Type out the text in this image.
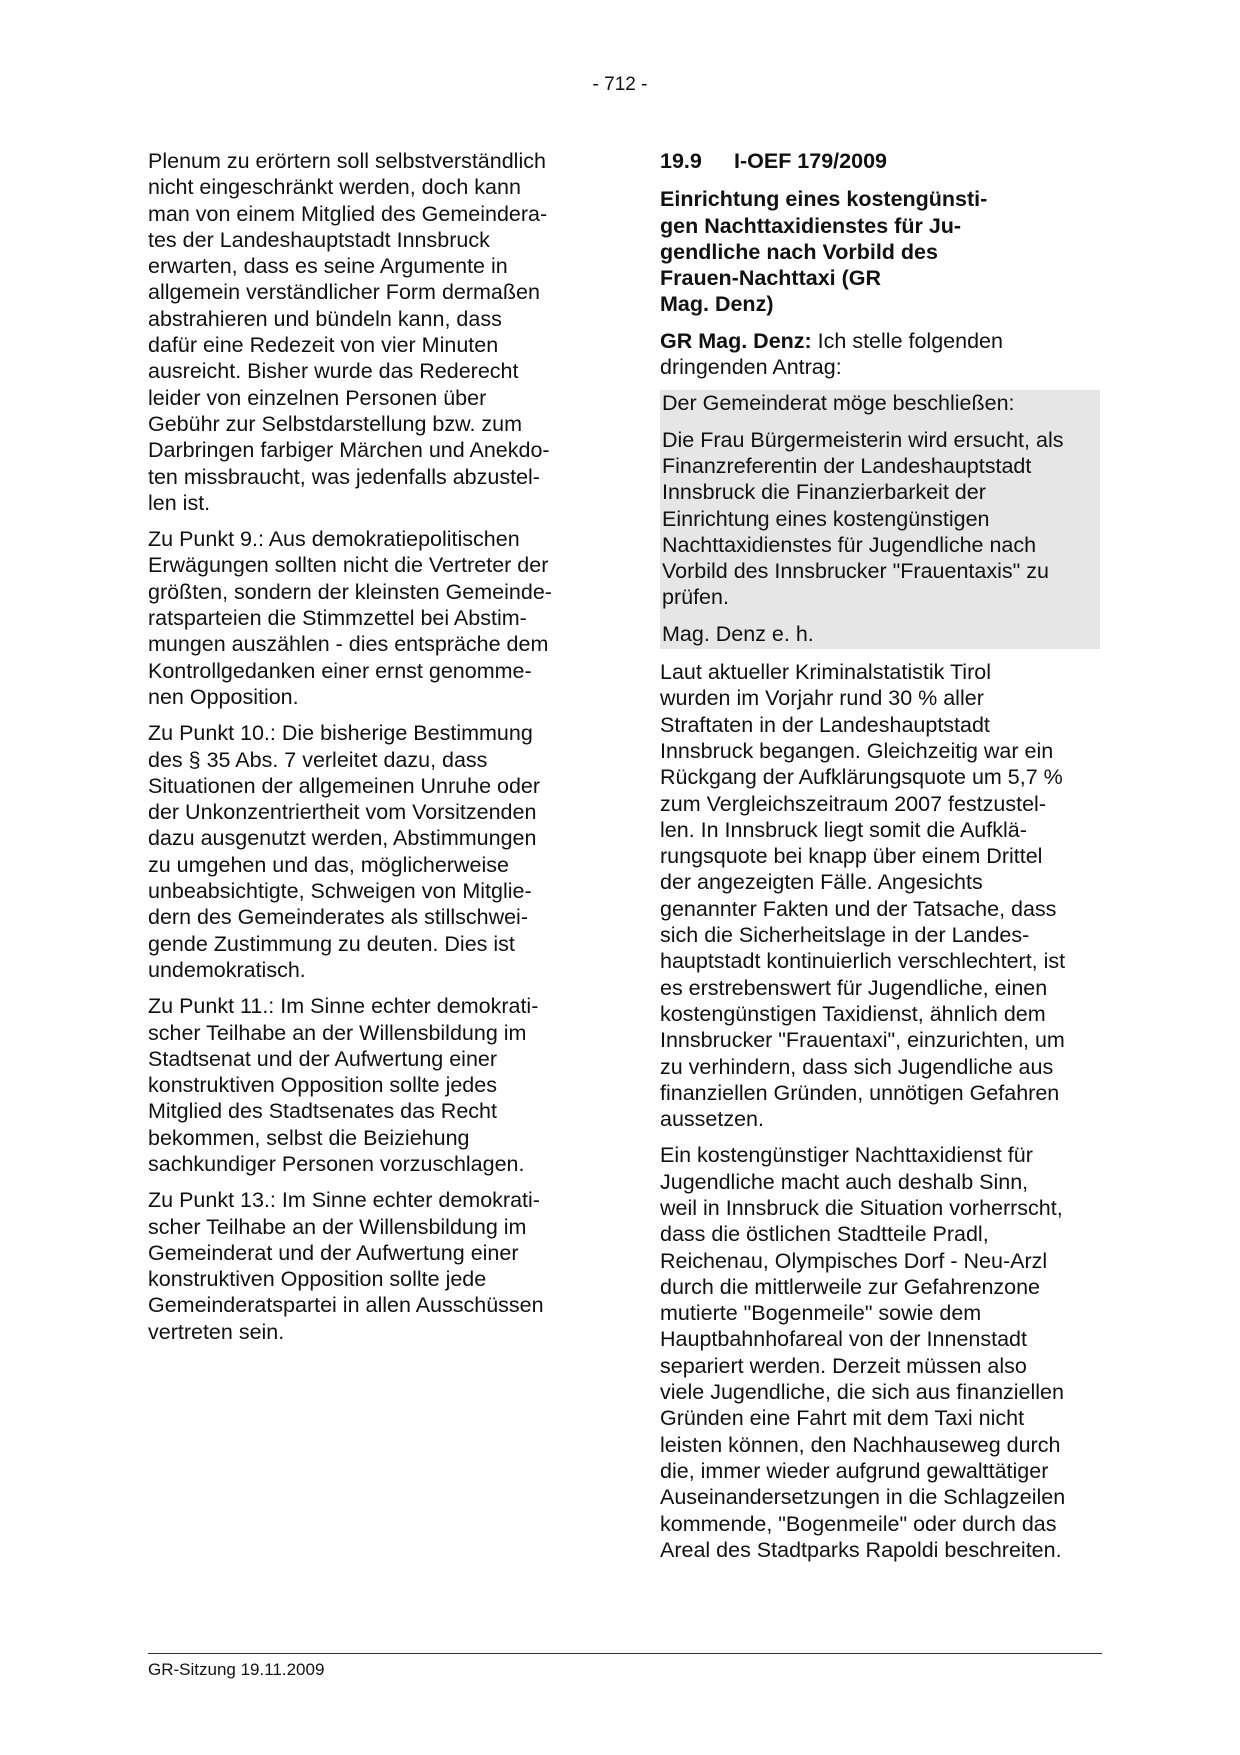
- 712 -

Plenum zu erörtern soll selbstverständlich
nicht eingeschränkt werden, doch kann
man von einem Mitglied des Gemeindera-
tes der Landeshauptstadt Innsbruck
erwarten, dass es seine Argumente in
allgemein verständlicher Form dermaßen
abstrahieren und bündeln kann, dass
dafür eine Redezeit von vier Minuten
ausreicht. Bisher wurde das Rederecht
leider von einzelnen Personen über
Gebühr zur Selbstdarstellung bzw. zum
Darbringen farbiger Märchen und Anekdo-
ten missbraucht, was jedenfalls abzustel-
len ist.

Zu Punkt 9.: Aus demokratiepolitischen
Erwägungen sollten nicht die Vertreter der
größten, sondern der kleinsten Gemeinde-
ratsparteien die Stimmzettel bei Abstim-
mungen auszählen - dies entspräche dem
Kontrollgedanken einer ernst genomme-
nen Opposition.

Zu Punkt 10.: Die bisherige Bestimmung
des § 35 Abs. 7 verleitet dazu, dass
Situationen der allgemeinen Unruhe oder
der Unkonzentriertheit vom Vorsitzenden
dazu ausgenutzt werden, Abstimmungen
zu umgehen und das, möglicherweise
unbeabsichtigte, Schweigen von Mitglie-
dern des Gemeinderates als stillschwei-
gende Zustimmung zu deuten. Dies ist
undemokratisch.

Zu Punkt 11.: Im Sinne echter demokrati-
scher Teilhabe an der Willensbildung im
Stadtsenat und der Aufwertung einer
konstruktiven Opposition sollte jedes
Mitglied des Stadtsenates das Recht
bekommen, selbst die Beiziehung
sachkundiger Personen vorzuschlagen.

Zu Punkt 13.: Im Sinne echter demokrati-
scher Teilhabe an der Willensbildung im
Gemeinderat und der Aufwertung einer
konstruktiven Opposition sollte jede
Gemeinderatspartei in allen Ausschüssen
vertreten sein.

19.9	I-OEF 179/2009

Einrichtung eines kostengünsti-
gen Nachttaxidienstes für Ju-
gendliche nach Vorbild des
Frauen-Nachttaxi (GR
Mag. Denz)

GR Mag. Denz: Ich stelle folgenden
dringenden Antrag:

Der Gemeinderat möge beschließen:

Die Frau Bürgermeisterin wird ersucht, als
Finanzreferentin der Landeshauptstadt
Innsbruck die Finanzierbarkeit der
Einrichtung eines kostengünstigen
Nachttaxidienstes für Jugendliche nach
Vorbild des Innsbrucker "Frauentaxis" zu
prüfen.

Mag. Denz e. h.

Laut aktueller Kriminalstatistik Tirol
wurden im Vorjahr rund 30 % aller
Straftaten in der Landeshauptstadt
Innsbruck begangen. Gleichzeitig war ein
Rückgang der Aufklärungsquote um 5,7 %
zum Vergleichszeitraum 2007 festzustel-
len. In Innsbruck liegt somit die Aufklä-
rungsquote bei knapp über einem Drittel
der angezeigten Fälle. Angesichts
genannter Fakten und der Tatsache, dass
sich die Sicherheitslage in der Landes-
hauptstadt kontinuierlich verschlechtert, ist
es erstrebenswert für Jugendliche, einen
kostengünstigen Taxidienst, ähnlich dem
Innsbrucker "Frauentaxi", einzurichten, um
zu verhindern, dass sich Jugendliche aus
finanziellen Gründen, unnötigen Gefahren
aussetzen.

Ein kostengünstiger Nachttaxidienst für
Jugendliche macht auch deshalb Sinn,
weil in Innsbruck die Situation vorherrscht,
dass die östlichen Stadtteile Pradl,
Reichenau, Olympisches Dorf - Neu-Arzl
durch die mittlerweile zur Gefahrenzone
mutierte "Bogenmeile" sowie dem
Hauptbahnhofareal von der Innenstadt
separiert werden. Derzeit müssen also
viele Jugendliche, die sich aus finanziellen
Gründen eine Fahrt mit dem Taxi nicht
leisten können, den Nachhauseweg durch
die, immer wieder aufgrund gewalttätiger
Auseinandersetzungen in die Schlagzeilen
kommende, "Bogenmeile" oder durch das
Areal des Stadtparks Rapoldi beschreiten.

GR-Sitzung 19.11.2009
